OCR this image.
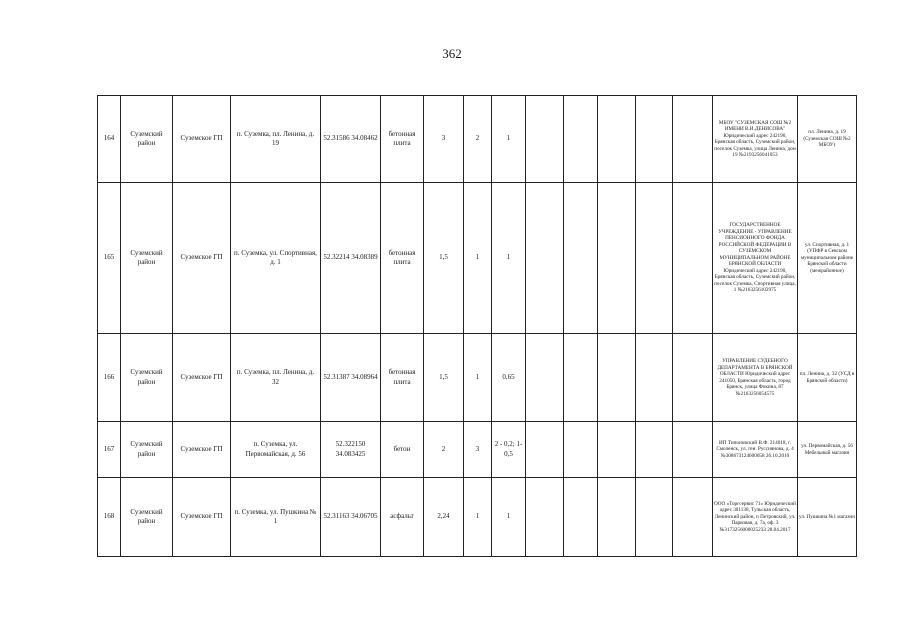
362
164	Суземский район	Суземское ГП	п. Суземка, пл. Ленина, д. 19	52.31586 34.08462	бетонная плита	3	2	1						МБОУ "СУЗЕМСКАЯ СОШ №2 ИМЕНИ В.И.ДЕНИСОВА" Юридический адрес 242190, Брянская область, Суземский район, поселок Суземка, улица Ленина, дом 19 №2193256041053	пл. Ленина, д. 19 (Суземская СОШ №2 МБОУ)
165	Суземский район	Суземское ГП	п. Суземка, ул. Спортивная, д. 1	52.32214 34.08389	бетонная плита	1,5	1	1						ГОСУДАРСТВЕННОЕ УЧРЕЖДЕНИЕ - УПРАВЛЕНИЕ ПЕНСИОННОГО ФОНДА РОССИЙСКОЙ ФЕДЕРАЦИИ В СУЗЕМСКОМ МУНИЦИПАЛЬНОМ РАЙОНЕ БРЯНСКОЙ ОБЛАСТИ Юридический адрес 242190, Брянская область, Суземский район, поселок Суземка, Спортивная улица, 1 №2163256102975	ул. Спортивная, д. 1 (УПФР в Севском муниципальном районе Брянской области (межрайонное)
166	Суземский район	Суземское ГП	п. Суземка, пл. Ленина, д. 32	52.31387 34.08964	бетонная плита	1,5	1	0,65						УПРАВЛЕНИЕ СУДЕБНОГО ДЕПАРТАМЕНТА В БРЯНСКОЙ ОБЛАСТИ Юридический адрес 241050, Брянская область, город Брянск, улица Фокина, 87 №2163256054575	пл. Ленина, д. 32 (УСД в Брянской области)
167	Суземский район	Суземское ГП	п. Суземка, ул. Первомайская, д. 56	52.322150 34.083425	бетон	2	3	2 - 0,2; 1-0,5						ИП Типоновский В.Ф. 214018, г. Смоленск, ул. ген. Руссиянова, д. 4 №308673124600058 26.10.2010	ул. Первомайская, д. 56 Мебельный магазин
168	Суземский район	Суземское ГП	п. Суземка, ул. Пушкина № 1	52.31163 34.06705	асфальт	2,24	1	1						ООО «Торгсервис 71» Юридический адрес 301138, Тульская область, Ленинский район, п Петровский, ул. Парковая, д. 7а, оф. 3 №3173256000025233 28.04.2017	ул. Пушкина №1 магазин
